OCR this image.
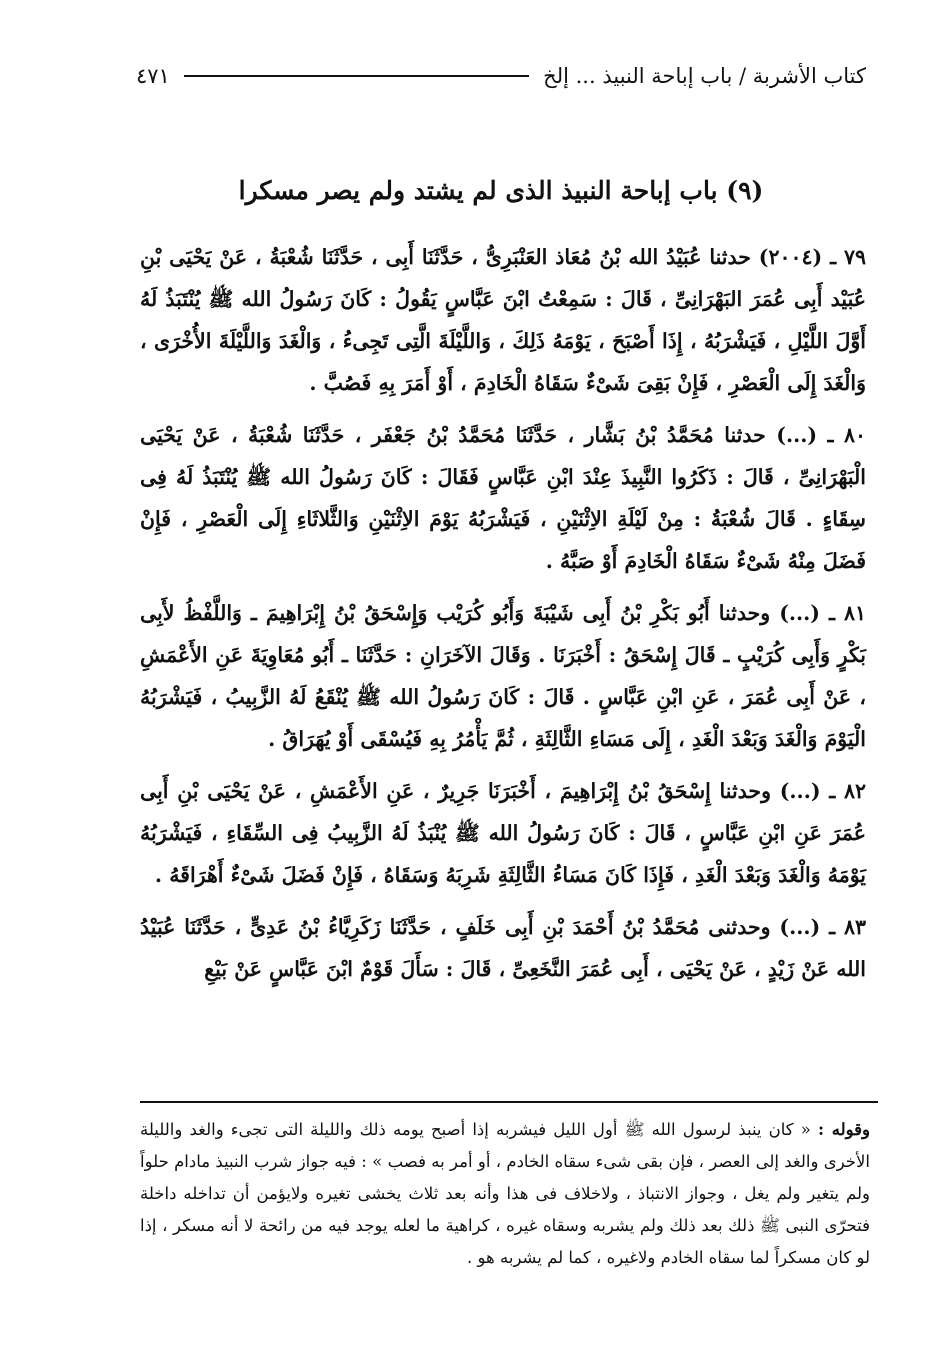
كتاب الأشربة / باب إباحة النبيذ ... إلخ
٤٧١
(٩) باب إباحة النبيذ الذى لم يشتد ولم يصر مسكرا

٧٩ ـ (٢٠٠٤) حدثنا عُبَيْدُ الله بْنُ مُعَاذ العَنْبَرِىُّ ، حَدَّثَنَا أَبِى ، حَدَّثَنَا شُعْبَةُ ، عَنْ يَحْيَى بْنِ عُبَيْد أَبِى عُمَرَ البَهْرَانِىِّ ، قَالَ : سَمِعْتُ ابْنَ عَبَّاسٍ يَقُولُ : كَانَ رَسُولُ الله ﷺ يُنْتَبَذُ لَهُ أَوَّلَ اللَّيْلِ ، فَيَشْرَبُهُ ، إِذَا أَصْبَحَ ، يَوْمَهُ ذَلِكَ ، وَاللَّيْلَةَ الَّتِى تَجِىءُ ، وَالْغَدَ وَاللَّيْلَةَ الأُخْرَى ، وَالْغَدَ إِلَى الْعَصْرِ ، فَإِنْ بَقِىَ شَىْءٌ سَقَاهُ الْخَادِمَ ، أَوْ أَمَرَ بِهِ فَصُبَّ .

٨٠ ـ (...) حدثنا مُحَمَّدُ بْنُ بَشَّار ، حَدَّثَنَا مُحَمَّدُ بْنُ جَعْفَر ، حَدَّثَنَا شُعْبَةُ ، عَنْ يَحْيَى الْبَهْرَانِىِّ ، قَالَ : ذَكَرُوا النَّبِيذَ عِنْدَ ابْنِ عَبَّاسٍ فَقَالَ : كَانَ رَسُولُ الله ﷺ يُنْتَبَذُ لَهُ فِى سِقَاءٍ . قَالَ شُعْبَةُ : مِنْ لَيْلَةِ الاِثْنَيْنِ ، فَيَشْرَبُهُ يَوْمَ الاِثْنَيْنِ وَالثَّلاثَاءِ إِلَى الْعَصْرِ ، فَإِنْ فَضَلَ مِنْهُ شَىْءٌ سَقَاهُ الْخَادِمَ أَوْ صَبَّهُ .

٨١ ـ (...) وحدثنا أَبُو بَكْرِ بْنُ أَبِى شَيْبَةَ وَأَبُو كُرَيْب وَإِسْحَقُ بْنُ إِبْرَاهِيمَ ـ وَاللَّفْظُ لأَبِى بَكْرٍ وَأَبِى كُرَيْبٍ ـ قَالَ إِسْحَقُ : أَخْبَرَنَا . وَقَالَ الآخَرَانِ : حَدَّثَنَا ـ أَبُو مُعَاوِيَةَ عَنِ الأَعْمَشِ ، عَنْ أَبِى عُمَرَ ، عَنِ ابْنِ عَبَّاسٍ . قَالَ : كَانَ رَسُولُ الله ﷺ يُنْقَعُ لَهُ الزَّبِيبُ ، فَيَشْرَبُهُ الْيَوْمَ وَالْغَدَ وَبَعْدَ الْغَدِ ، إِلَى مَسَاءِ الثَّالِثَةِ ، ثُمَّ يَأْمُرُ بِهِ فَيُسْقَى أَوْ يُهَرَاقُ .

٨٢ ـ (...) وحدثنا إِسْحَقُ بْنُ إِبْرَاهِيمَ ، أَخْبَرَنَا جَرِيرٌ ، عَنِ الأَعْمَشِ ، عَنْ يَحْيَى بْنِ أَبِى عُمَرَ عَنِ ابْنِ عَبَّاسٍ ، قَالَ : كَانَ رَسُولُ الله ﷺ يُنْبَذُ لَهُ الزَّبِيبُ فِى السِّقَاءِ ، فَيَشْرَبُهُ يَوْمَهُ وَالْغَدَ وَبَعْدَ الْغَدِ ، فَإِذَا كَانَ مَسَاءُ الثَّالِثَةِ شَرِبَهُ وَسَقَاهُ ، فَإِنْ فَضَلَ شَىْءٌ أَهْرَاقَهُ .

٨٣ ـ (...) وحدثنى مُحَمَّدُ بْنُ أَحْمَدَ بْنِ أَبِى خَلَفٍ ، حَدَّثَنَا زَكَرِيَّاءُ بْنُ عَدِىٍّ ، حَدَّثَنَا عُبَيْدُ الله عَنْ زَيْدٍ ، عَنْ يَحْيَى ، أَبِى عُمَرَ النَّخَعِىِّ ، قَالَ : سَأَلَ قَوْمٌ ابْنَ عَبَّاسٍ عَنْ بَيْعِ

وقوله : « كان ينبذ لرسول الله ﷺ أول الليل فيشربه إذا أصبح يومه ذلك والليلة التى تجىء والغد والليلة الأخرى والغد إلى العصر ، فإن بقى شىء سقاه الخادم ، أو أمر به فصب » : فيه جواز شرب النبيذ مادام حلواً ولم يتغير ولم يغل ، وجواز الانتباذ ، ولاخلاف فى هذا وأنه بعد ثلاث يخشى تغيره ولايؤمن أن تداخله داخلة فتحرّى النبى ﷺ ذلك بعد ذلك ولم يشربه وسقاه غيره ، كراهية ما لعله يوجد فيه من رائحة لا أنه مسكر ، إذا لو كان مسكراً لما سقاه الخادم ولاغيره ، كما لم يشربه هو .
